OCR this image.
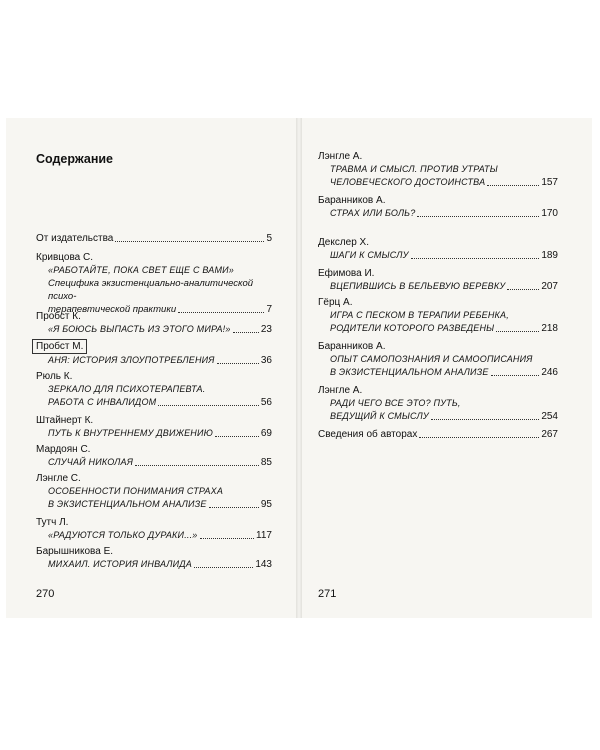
Содержание
От издательства	5
Кривцова С.
«РАБОТАЙТЕ, ПОКА СВЕТ ЕЩЕ С ВАМИ»
Специфика экзистенциально-аналитической психо-
терапевтической практики	7
Пробст К.
«Я БОЮСЬ ВЫПАСТЬ ИЗ ЭТОГО МИРА!»	23
Пробст М.
АНЯ: ИСТОРИЯ ЗЛОУПОТРЕБЛЕНИЯ	36
Рюль К.
ЗЕРКАЛО ДЛЯ ПСИХОТЕРАПЕВТА.
РАБОТА С ИНВАЛИДОМ	56
Штайнерт К.
ПУТЬ К ВНУТРЕННЕМУ ДВИЖЕНИЮ	69
Мардоян С.
СЛУЧАЙ НИКОЛАЯ	85
Лэнгле С.
ОСОБЕННОСТИ ПОНИМАНИЯ СТРАХА
В ЭКЗИСТЕНЦИАЛЬНОМ АНАЛИЗЕ	95
Тутч Л.
«РАДУЮТСЯ ТОЛЬКО ДУРАКИ...»	117
Барышникова Е.
МИХАИЛ. ИСТОРИЯ ИНВАЛИДА	143
270
Лэнгле А.
ТРАВМА И СМЫСЛ. ПРОТИВ УТРАТЫ
ЧЕЛОВЕЧЕСКОГО ДОСТОИНСТВА	157
Баранников А.
СТРАХ ИЛИ БОЛЬ?	170
Декслер Х.
ШАГИ К СМЫСЛУ	189
Ефимова И.
ВЦЕПИВШИСЬ В БЕЛЬЕВУЮ ВЕРЕВКУ	207
Гёрц А.
ИГРА С ПЕСКОМ В ТЕРАПИИ РЕБЕНКА,
РОДИТЕЛИ КОТОРОГО РАЗВЕДЕНЫ	218
Баранников А.
ОПЫТ САМОПОЗНАНИЯ И САМООПИСАНИЯ
В ЭКЗИСТЕНЦИАЛЬНОМ АНАЛИЗЕ	246
Лэнгле А.
РАДИ ЧЕГО ВСЕ ЭТО? ПУТЬ,
ВЕДУЩИЙ К СМЫСЛУ	254
Сведения об авторах	267
271
